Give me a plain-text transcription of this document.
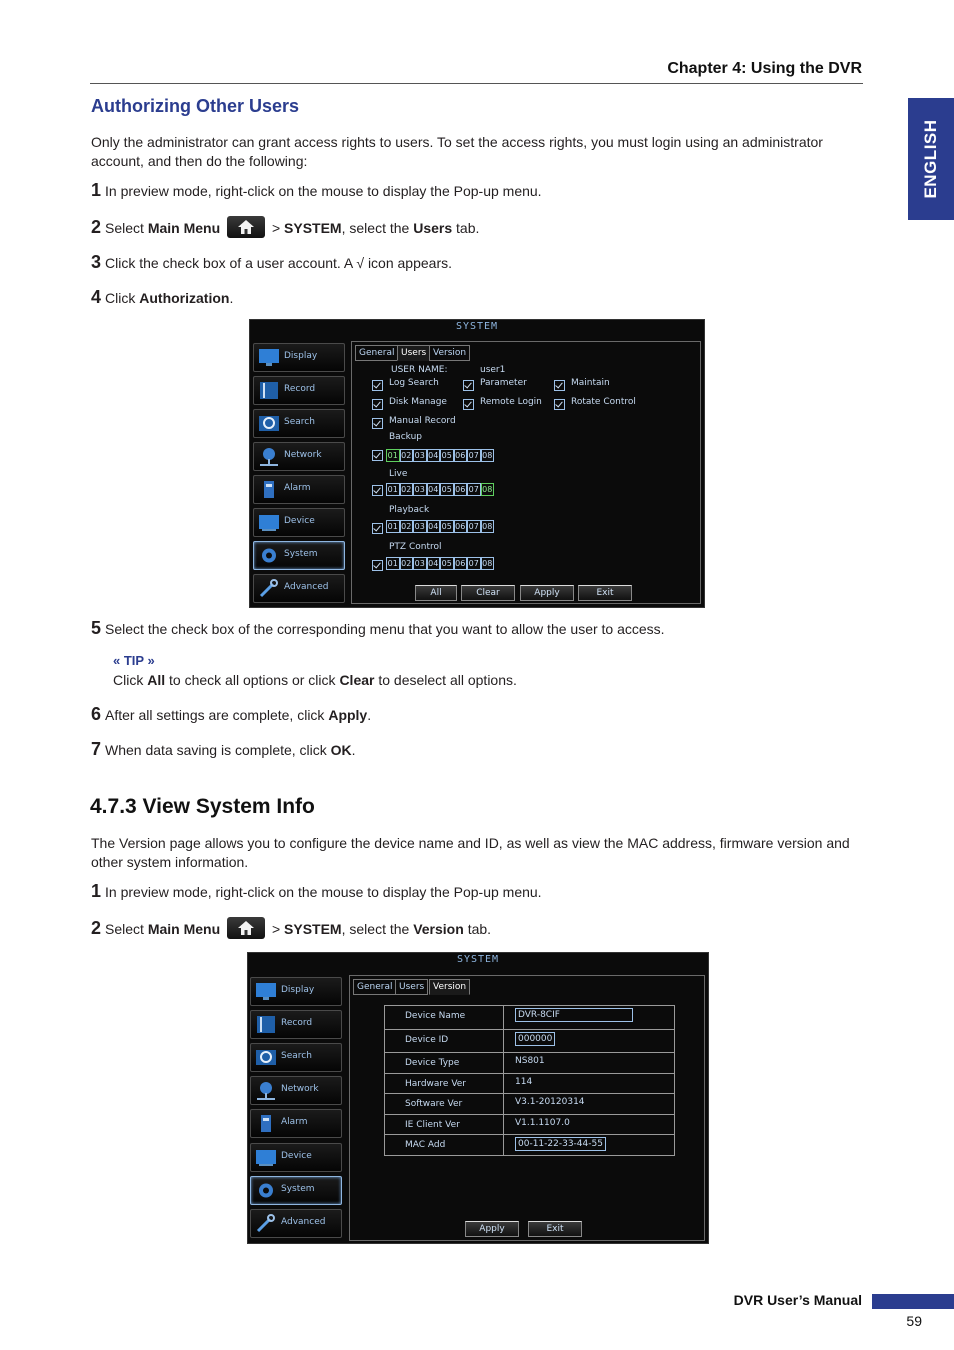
Chapter 4: Using the DVR
ENGLISH
Authorizing Other Users
Only the administrator can grant access rights to users. To set the access rights, you must login using an administrator account, and then do the following:
1 In preview mode, right-click on the mouse to display the Pop-up menu.
2 Select Main Menu	> SYSTEM, select the Users tab.
3 Click the check box of a user account. A √ icon appears.
4 Click Authorization.
SYSTEM
Display
Record
Search
Network
Alarm
Device
System
Advanced
General Users Version
USER NAME:	user1
Log Search	Parameter	Maintain
Disk Manage	Remote Login	Rotate Control
Manual Record
Backup
01 02 03 04 05 06 07 08
Live
01 02 03 04 05 06 07 08
Playback
01 02 03 04 05 06 07 08
PTZ Control
01 02 03 04 05 06 07 08
All	Clear	Apply	Exit
5 Select the check box of the corresponding menu that you want to allow the user to access.
« TIP »
Click All to check all options or click Clear to deselect all options.
6 After all settings are complete, click Apply.
7 When data saving is complete, click OK.
4.7.3 View System Info
The Version page allows you to configure the device name and ID, as well as view the MAC address, firmware version and other system information.
1 In preview mode, right-click on the mouse to display the Pop-up menu.
2 Select Main Menu	> SYSTEM, select the Version tab.
SYSTEM
Display
Record
Search
Network
Alarm
Device
System
Advanced
General Users Version
Device Name	DVR-8CIF
Device ID	000000
Device Type	NS801
Hardware Ver	114
Software Ver	V3.1-20120314
IE Client Ver	V1.1.1107.0
MAC Add	00-11-22-33-44-55
Apply	Exit
DVR User’s Manual
59
